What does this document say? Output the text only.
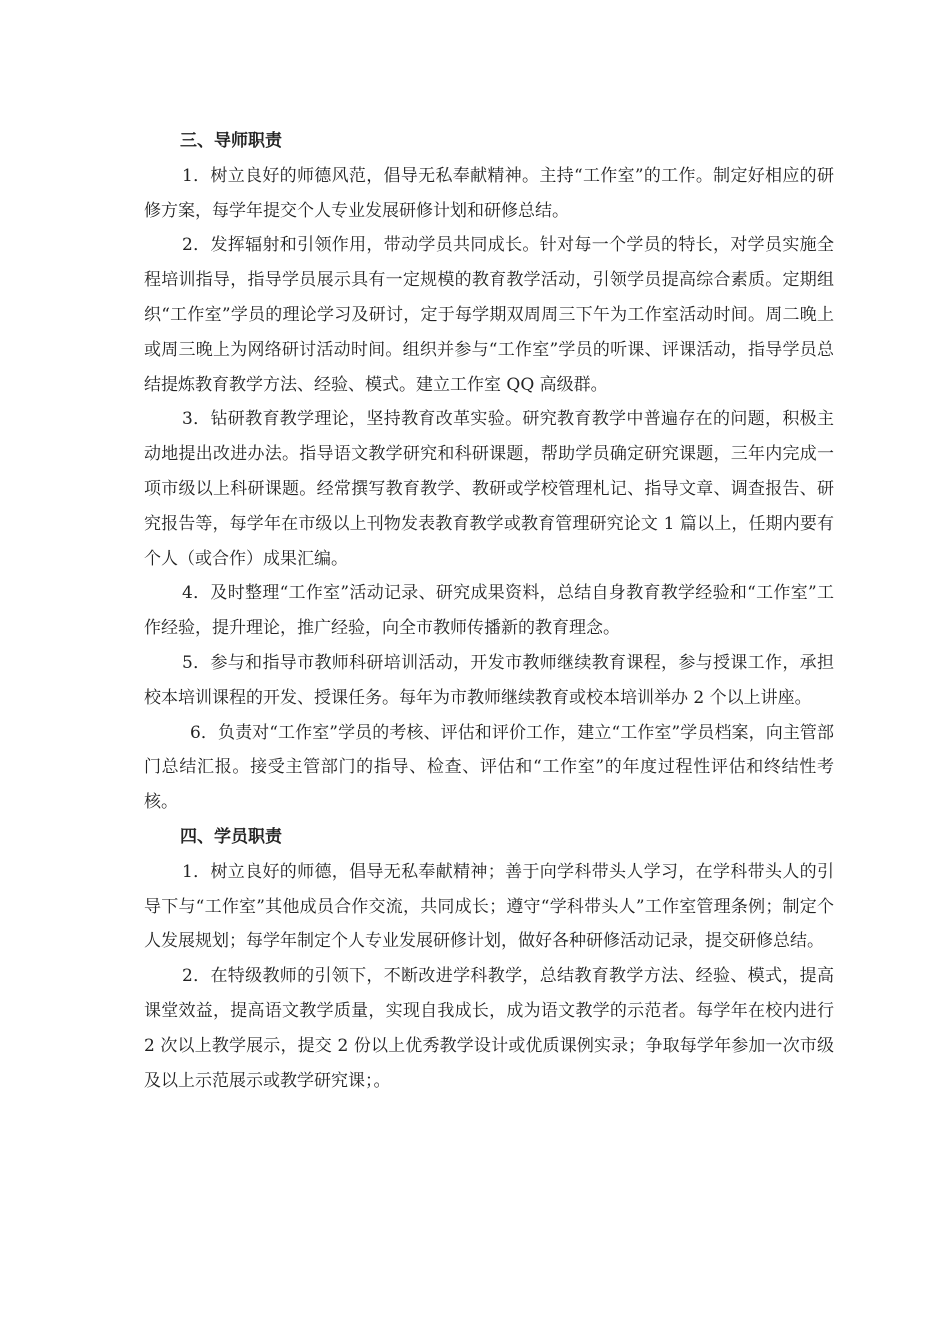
三、导师职责

1．树立良好的师德风范，倡导无私奉献精神。主持“工作室”的工作。制定好相应的研修方案，每学年提交个人专业发展研修计划和研修总结。

2．发挥辐射和引领作用，带动学员共同成长。针对每一个学员的特长，对学员实施全程培训指导，指导学员展示具有一定规模的教育教学活动，引领学员提高综合素质。定期组织“工作室”学员的理论学习及研讨，定于每学期双周周三下午为工作室活动时间。周二晚上或周三晚上为网络研讨活动时间。组织并参与“工作室”学员的听课、评课活动，指导学员总结提炼教育教学方法、经验、模式。建立工作室 QQ 高级群。

3．钻研教育教学理论，坚持教育改革实验。研究教育教学中普遍存在的问题，积极主动地提出改进办法。指导语文教学研究和科研课题，帮助学员确定研究课题，三年内完成一项市级以上科研课题。经常撰写教育教学、教研或学校管理札记、指导文章、调查报告、研究报告等，每学年在市级以上刊物发表教育教学或教育管理研究论文 1 篇以上，任期内要有个人（或合作）成果汇编。

4．及时整理“工作室”活动记录、研究成果资料，总结自身教育教学经验和“工作室”工作经验，提升理论，推广经验，向全市教师传播新的教育理念。

5．参与和指导市教师科研培训活动，开发市教师继续教育课程，参与授课工作，承担校本培训课程的开发、授课任务。每年为市教师继续教育或校本培训举办 2 个以上讲座。

6．负责对“工作室”学员的考核、评估和评价工作，建立“工作室”学员档案，向主管部门总结汇报。接受主管部门的指导、检查、评估和“工作室”的年度过程性评估和终结性考核。

四、学员职责

1．树立良好的师德，倡导无私奉献精神；善于向学科带头人学习，在学科带头人的引导下与“工作室”其他成员合作交流，共同成长；遵守“学科带头人”工作室管理条例；制定个人发展规划；每学年制定个人专业发展研修计划，做好各种研修活动记录，提交研修总结。

2．在特级教师的引领下，不断改进学科教学，总结教育教学方法、经验、模式，提高课堂效益，提高语文教学质量，实现自我成长，成为语文教学的示范者。每学年在校内进行 2 次以上教学展示，提交 2 份以上优秀教学设计或优质课例实录；争取每学年参加一次市级及以上示范展示或教学研究课；。
